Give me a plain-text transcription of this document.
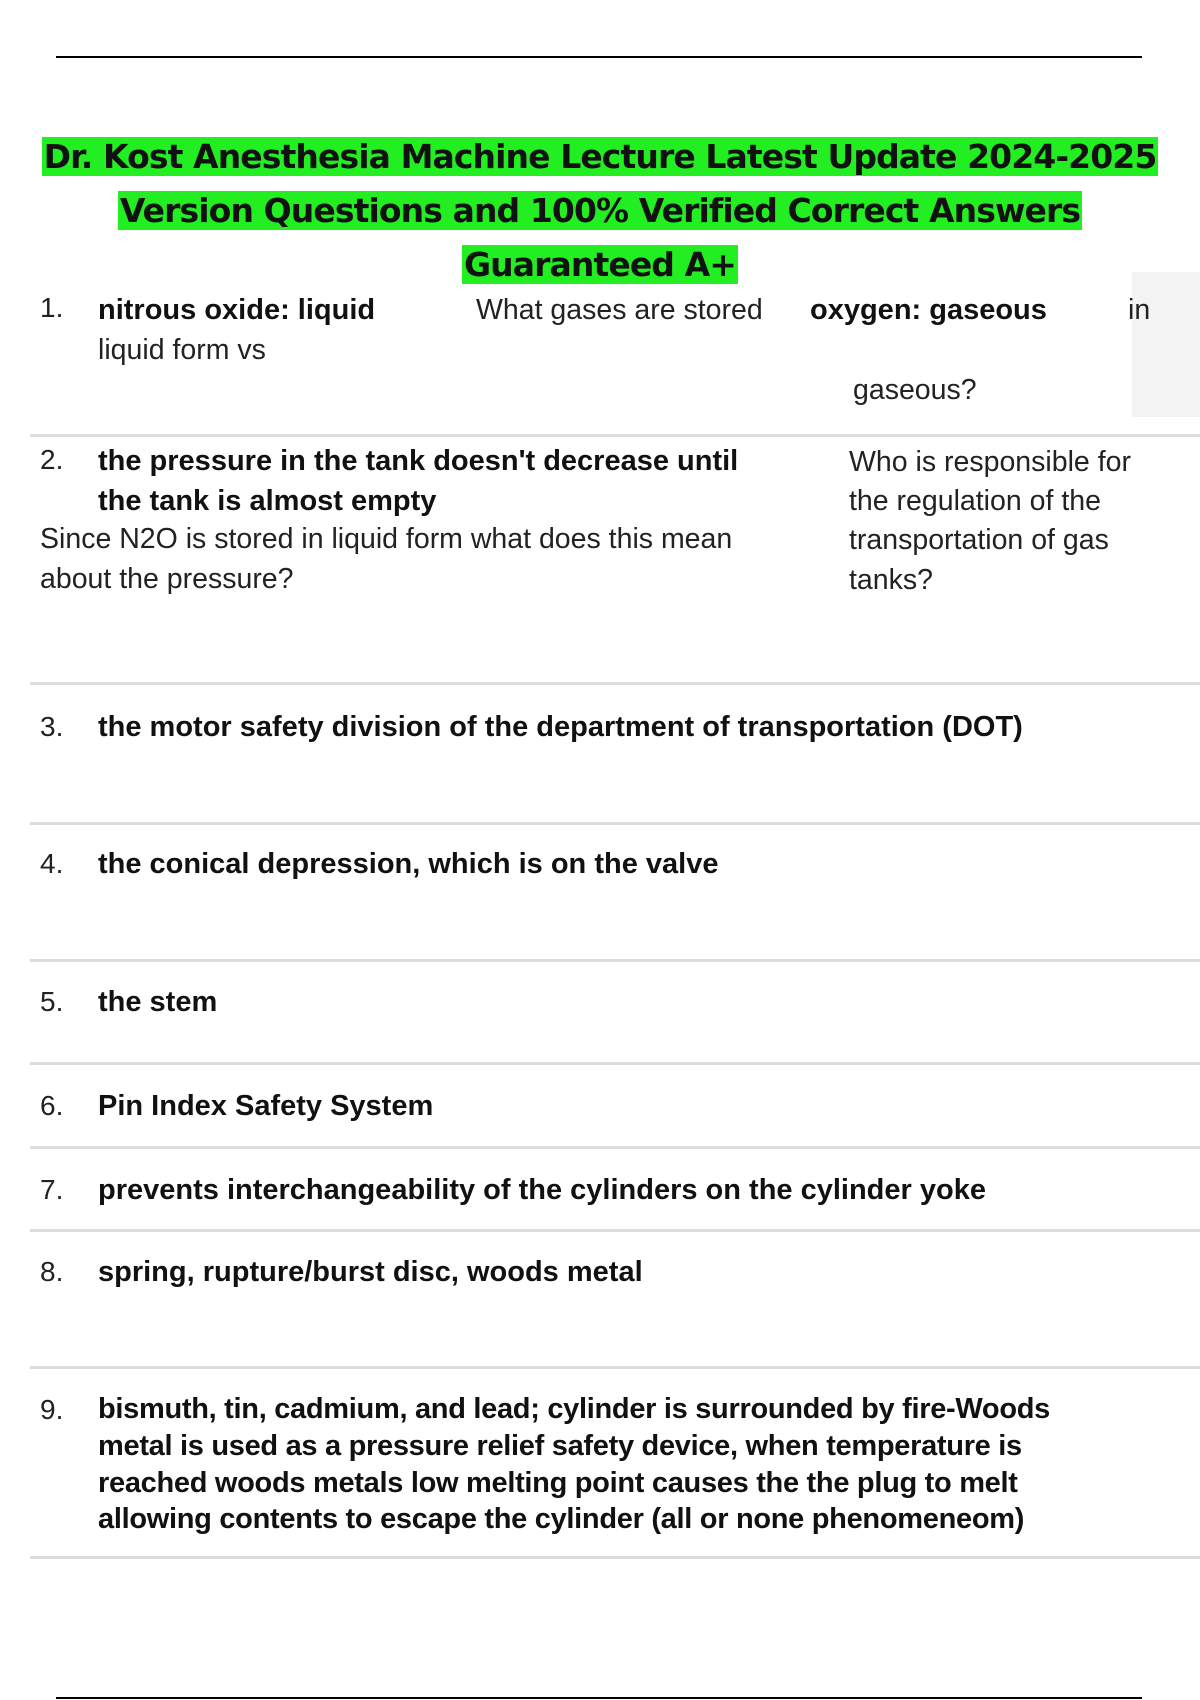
Dr. Kost Anesthesia Machine Lecture Latest Update 2024-2025
Version Questions and 100% Verified Correct Answers
Guaranteed A+
1. nitrous oxide: liquid	What gases are stored oxygen: gaseous	in
liquid form vs
gaseous?
2. the pressure in the tank doesn't decrease until
the tank is almost empty
Since N2O is stored in liquid form what does this mean
about the pressure?
Who is responsible for
the regulation of the
transportation of gas
tanks?
3. the motor safety division of the department of transportation (DOT)
4. the conical depression, which is on the valve
5. the stem
6. Pin Index Safety System
7. prevents interchangeability of the cylinders on the cylinder yoke
8. spring, rupture/burst disc, woods metal
9. bismuth, tin, cadmium, and lead; cylinder is surrounded by fire-Woods
metal is used as a pressure relief safety device, when temperature is
reached woods metals low melting point causes the the plug to melt
allowing contents to escape the cylinder (all or none phenomeneom)
